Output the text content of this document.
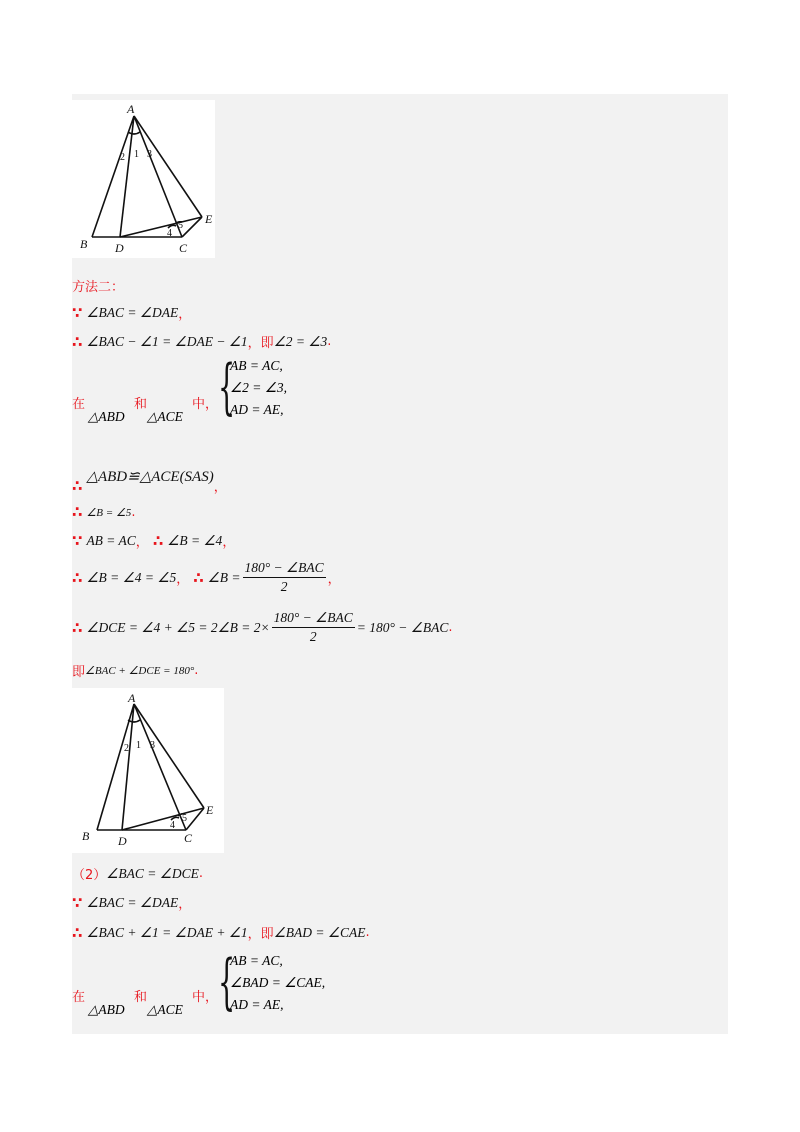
A
B	C
D
E
1
2 3
4
5
方法二：
∵ ∠BAC = ∠DAE ，
∴ ∠BAC − ∠1 = ∠DAE − ∠1 ，即 ∠2 = ∠3 .
在	和	中，
△ABD △ACE {
AB = AC,
∠2 = ∠3,
AD = AE,
∴ △ABD≌△ACE(SAS)
，
∴ ∠B = ∠5 .
∵ AB = AC ， ∴ ∠B = ∠4 ，
∴ ∠B = ∠4 = ∠5 ， ∴ ∠B = $\frac{\text{180° − ∠BAC}}{2}$ ，
∴ ∠DCE = ∠4 + ∠5 = 2∠B = $2\times \frac{\text{180° − ∠BAC}}{2} = 180^\circ$ − ∠BAC .
即 ∠BAC + ∠DCE = 180° .
A
B	C
D
E
1
2 3
4
5
（2） ∠BAC = ∠DCE .
∵ ∠BAC = ∠DAE ，
∴ ∠BAC + ∠1 = ∠DAE + ∠1 ，即 ∠BAD = ∠CAE .
在	和	中，
△ABD △ACE {
AB = AC,
∠BAD = ∠CAE,
AD = AE,
